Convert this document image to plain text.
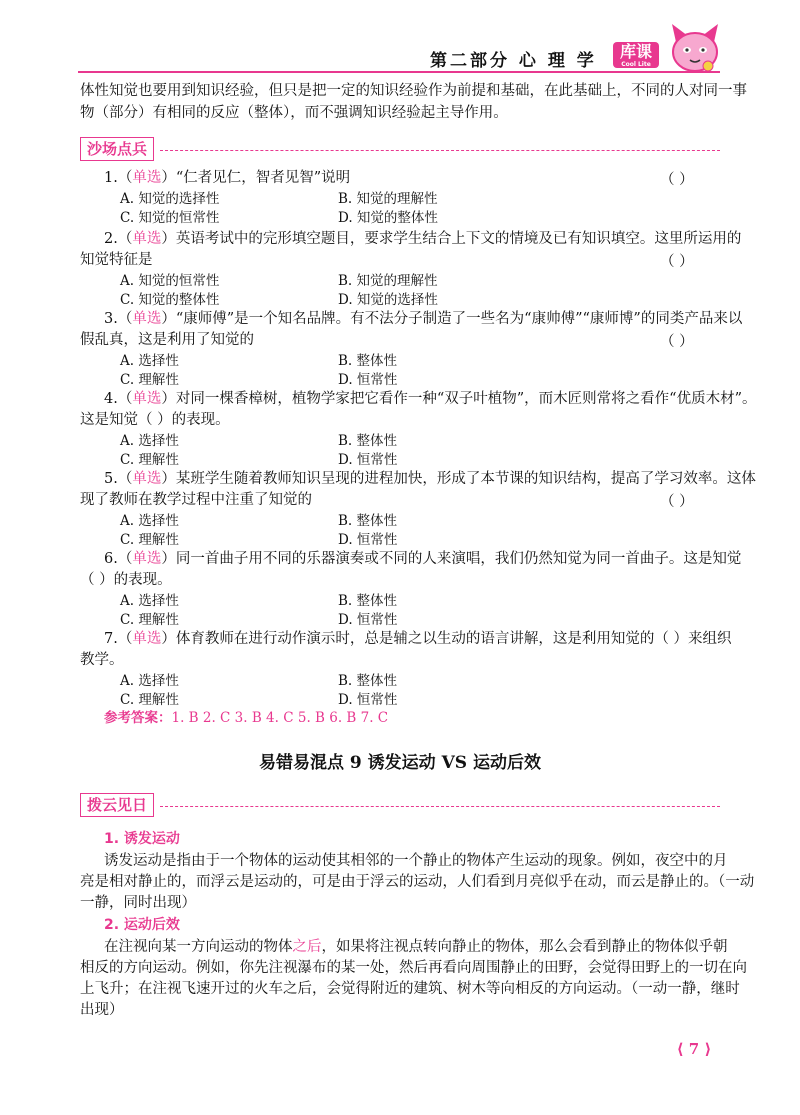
第二部分 心 理 学	库课
Cool Lite
体性知觉也要用到知识经验，但只是把一定的知识经验作为前提和基础，在此基础上，不同的人对同一事
物（部分）有相同的反应（整体），而不强调知识经验起主导作用。
沙场点兵
1.（单选）“仁者见仁，智者见智”说明	（ ）
A. 知觉的选择性	B. 知觉的理解性
C. 知觉的恒常性	D. 知觉的整体性
2.（单选）英语考试中的完形填空题目，要求学生结合上下文的情境及已有知识填空。这里所运用的
知觉特征是	（ ）
A. 知觉的恒常性	B. 知觉的理解性
C. 知觉的整体性	D. 知觉的选择性
3.（单选）“康师傅”是一个知名品牌。有不法分子制造了一些名为“康帅傅”“康师博”的同类产品来以
假乱真，这是利用了知觉的	（ ）
A. 选择性	B. 整体性
C. 理解性	D. 恒常性
4.（单选）对同一棵香樟树，植物学家把它看作一种“双子叶植物”，而木匠则常将之看作“优质木材”。
这是知觉（ ）的表现。
A. 选择性	B. 整体性
C. 理解性	D. 恒常性
5.（单选）某班学生随着教师知识呈现的进程加快，形成了本节课的知识结构，提高了学习效率。这体
现了教师在教学过程中注重了知觉的	（ ）
A. 选择性	B. 整体性
C. 理解性	D. 恒常性
6.（单选）同一首曲子用不同的乐器演奏或不同的人来演唱，我们仍然知觉为同一首曲子。这是知觉
（ ）的表现。
A. 选择性	B. 整体性
C. 理解性	D. 恒常性
7.（单选）体育教师在进行动作演示时，总是辅之以生动的语言讲解，这是利用知觉的（ ）来组织
教学。
A. 选择性	B. 整体性
C. 理解性	D. 恒常性
参考答案：1. B 2. C 3. B 4. C 5. B 6. B 7. C
易错易混点 9 诱发运动 VS 运动后效
拨云见日
1. 诱发运动
诱发运动是指由于一个物体的运动使其相邻的一个静止的物体产生运动的现象。例如，夜空中的月
亮是相对静止的，而浮云是运动的，可是由于浮云的运动，人们看到月亮似乎在动，而云是静止的。（一动
一静，同时出现）
2. 运动后效
在注视向某一方向运动的物体之后，如果将注视点转向静止的物体，那么会看到静止的物体似乎朝
相反的方向运动。例如，你先注视瀑布的某一处，然后再看向周围静止的田野，会觉得田野上的一切在向
上飞升；在注视飞速开过的火车之后，会觉得附近的建筑、树木等向相反的方向运动。（一动一静，继时
出现）
⟨ 7 ⟩
